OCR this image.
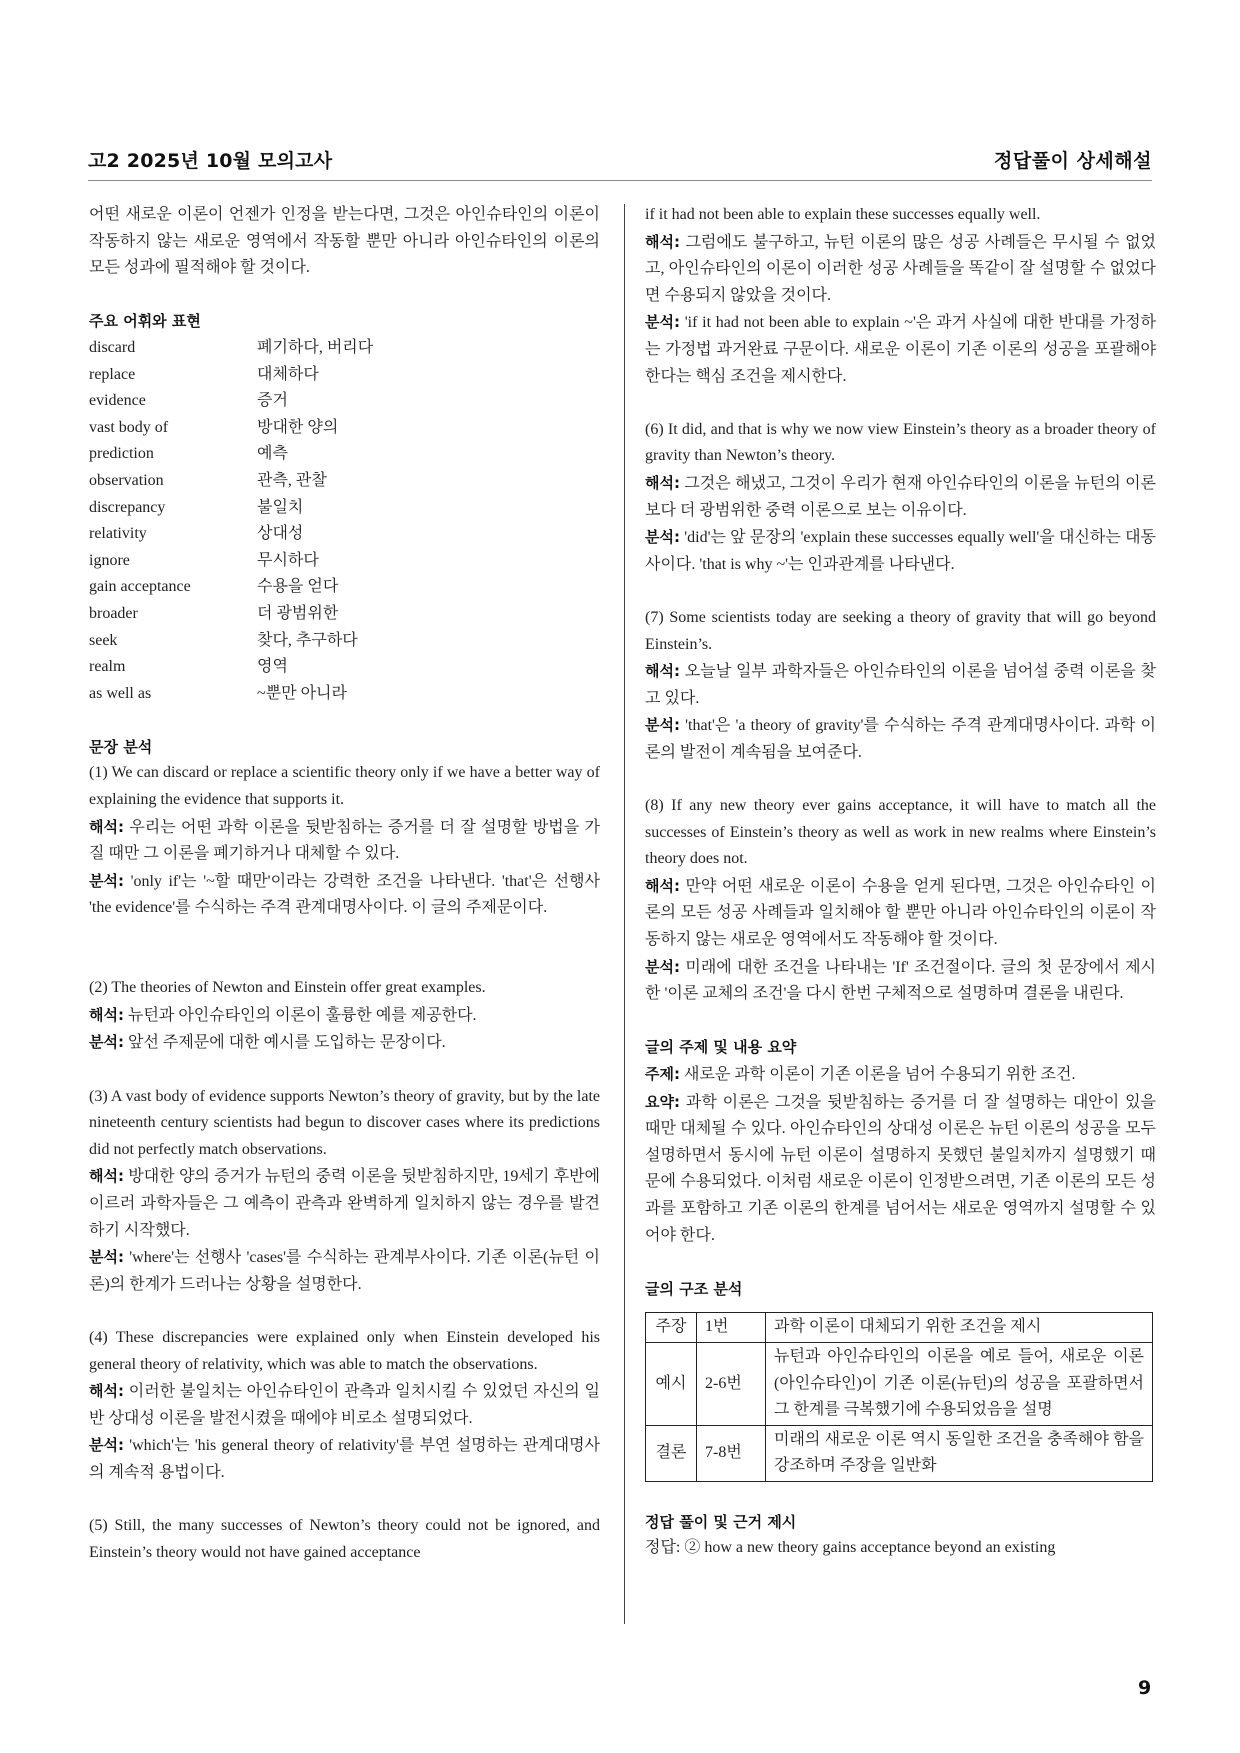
고2 2025년 10월 모의고사	정답풀이 상세해설

어떤 새로운 이론이 언젠가 인정을 받는다면, 그것은 아인슈타인의 이론이 작동하지 않는 새로운 영역에서 작동할 뿐만 아니라 아인슈타인의 이론의 모든 성과에 필적해야 할 것이다.

주요 어휘와 표현
discard	폐기하다, 버리다
replace	대체하다
evidence	증거
vast body of	방대한 양의
prediction	예측
observation	관측, 관찰
discrepancy	불일치
relativity	상대성
ignore	무시하다
gain acceptance	수용을 얻다
broader	더 광범위한
seek	찾다, 추구하다
realm	영역
as well as	~뿐만 아니라
문장 분석

(1) We can discard or replace a scientific theory only if we have a better way of explaining the evidence that supports it.

해석: 우리는 어떤 과학 이론을 뒷받침하는 증거를 더 잘 설명할 방법을 가질 때만 그 이론을 폐기하거나 대체할 수 있다.

분석: 'only if'는 '~할 때만'이라는 강력한 조건을 나타낸다. 'that'은 선행사 'the evidence'를 수식하는 주격 관계대명사이다. 이 글의 주제문이다.

(2) The theories of Newton and Einstein offer great examples.

해석: 뉴턴과 아인슈타인의 이론이 훌륭한 예를 제공한다.

분석: 앞선 주제문에 대한 예시를 도입하는 문장이다.

(3) A vast body of evidence supports Newton’s theory of gravity, but by the late nineteenth century scientists had begun to discover cases where its predictions did not perfectly match observations.

해석: 방대한 양의 증거가 뉴턴의 중력 이론을 뒷받침하지만, 19세기 후반에 이르러 과학자들은 그 예측이 관측과 완벽하게 일치하지 않는 경우를 발견하기 시작했다.

분석: 'where'는 선행사 'cases'를 수식하는 관계부사이다. 기존 이론(뉴턴 이론)의 한계가 드러나는 상황을 설명한다.

(4) These discrepancies were explained only when Einstein developed his general theory of relativity, which was able to match the observations.

해석: 이러한 불일치는 아인슈타인이 관측과 일치시킬 수 있었던 자신의 일반 상대성 이론을 발전시켰을 때에야 비로소 설명되었다.

분석: 'which'는 'his general theory of relativity'를 부연 설명하는 관계대명사의 계속적 용법이다.

(5) Still, the many successes of Newton’s theory could not be ignored, and Einstein’s theory would not have gained acceptance

if it had not been able to explain these successes equally well.

해석: 그럼에도 불구하고, 뉴턴 이론의 많은 성공 사례들은 무시될 수 없었고, 아인슈타인의 이론이 이러한 성공 사례들을 똑같이 잘 설명할 수 없었다면 수용되지 않았을 것이다.

분석: 'if it had not been able to explain ~'은 과거 사실에 대한 반대를 가정하는 가정법 과거완료 구문이다. 새로운 이론이 기존 이론의 성공을 포괄해야 한다는 핵심 조건을 제시한다.

(6) It did, and that is why we now view Einstein’s theory as a broader theory of gravity than Newton’s theory.

해석: 그것은 해냈고, 그것이 우리가 현재 아인슈타인의 이론을 뉴턴의 이론보다 더 광범위한 중력 이론으로 보는 이유이다.

분석: 'did'는 앞 문장의 'explain these successes equally well'을 대신하는 대동사이다. 'that is why ~'는 인과관계를 나타낸다.

(7) Some scientists today are seeking a theory of gravity that will go beyond Einstein’s.

해석: 오늘날 일부 과학자들은 아인슈타인의 이론을 넘어설 중력 이론을 찾고 있다.

분석: 'that'은 'a theory of gravity'를 수식하는 주격 관계대명사이다. 과학 이론의 발전이 계속됨을 보여준다.

(8) If any new theory ever gains acceptance, it will have to match all the successes of Einstein’s theory as well as work in new realms where Einstein’s theory does not.

해석: 만약 어떤 새로운 이론이 수용을 얻게 된다면, 그것은 아인슈타인 이론의 모든 성공 사례들과 일치해야 할 뿐만 아니라 아인슈타인의 이론이 작동하지 않는 새로운 영역에서도 작동해야 할 것이다.

분석: 미래에 대한 조건을 나타내는 'If' 조건절이다. 글의 첫 문장에서 제시한 '이론 교체의 조건'을 다시 한번 구체적으로 설명하며 결론을 내린다.

글의 주제 및 내용 요약

주제: 새로운 과학 이론이 기존 이론을 넘어 수용되기 위한 조건.

요약: 과학 이론은 그것을 뒷받침하는 증거를 더 잘 설명하는 대안이 있을 때만 대체될 수 있다. 아인슈타인의 상대성 이론은 뉴턴 이론의 성공을 모두 설명하면서 동시에 뉴턴 이론이 설명하지 못했던 불일치까지 설명했기 때문에 수용되었다. 이처럼 새로운 이론이 인정받으려면, 기존 이론의 모든 성과를 포함하고 기존 이론의 한계를 넘어서는 새로운 영역까지 설명할 수 있어야 한다.

글의 구조 분석
주장	1번	과학 이론이 대체되기 위한 조건을 제시
예시	2-6번	뉴턴과 아인슈타인의 이론을 예로 들어, 새로운 이론(아인슈타인)이 기존 이론(뉴턴)의 성공을 포괄하면서 그 한계를 극복했기에 수용되었음을 설명
결론	7-8번	미래의 새로운 이론 역시 동일한 조건을 충족해야 함을 강조하며 주장을 일반화
정답 풀이 및 근거 제시

정답: ② how a new theory gains acceptance beyond an existing

9
